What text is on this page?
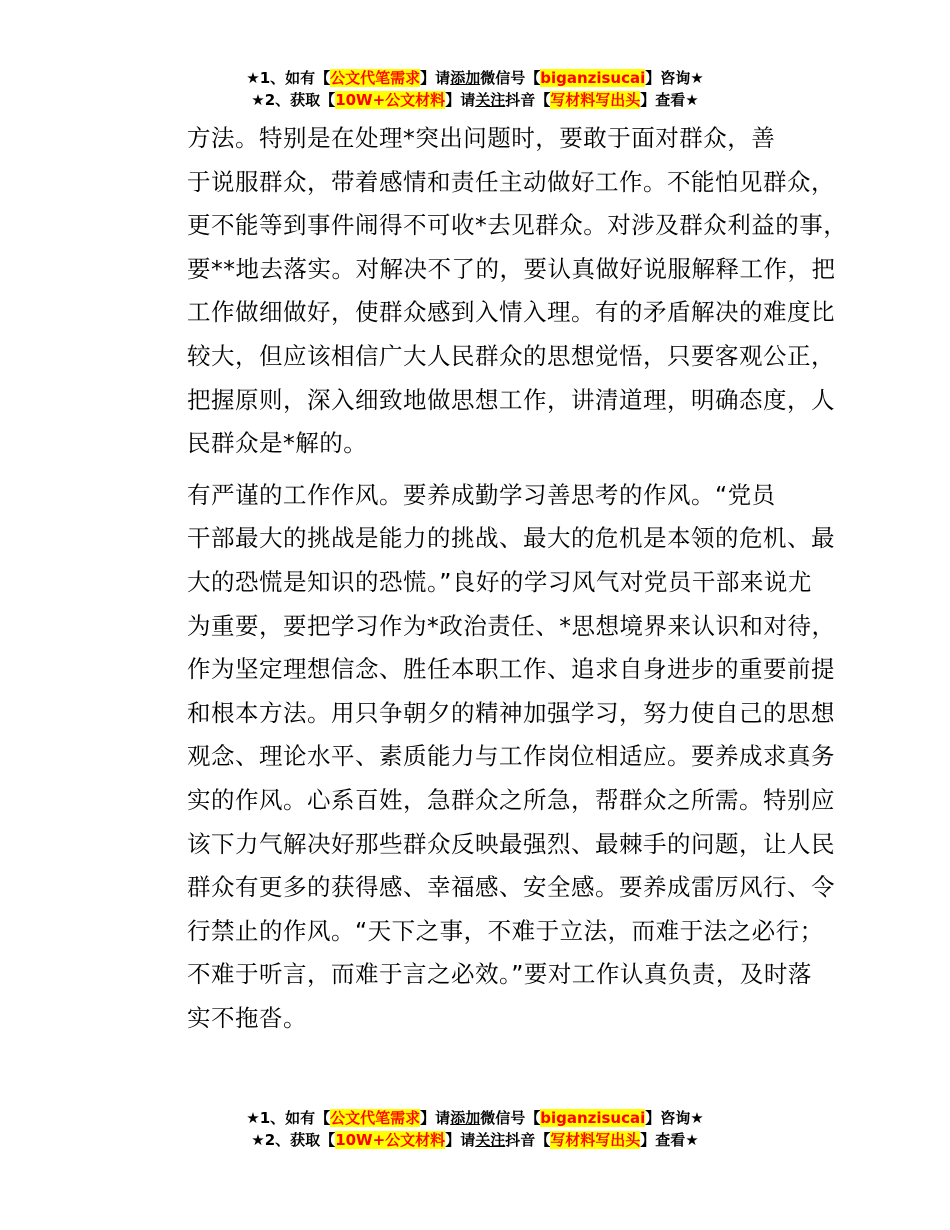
★1、如有【公文代笔需求】请添加微信号【biganzisucai】咨询★
★2、获取【10W+公文材料】请关注抖音【写材料写出头】查看★

方法。特别是在处理*突出问题时，要敢于面对群众，善
于说服群众，带着感情和责任主动做好工作。不能怕见群众，
更不能等到事件闹得不可收*去见群众。对涉及群众利益的事，
要**地去落实。对解决不了的，要认真做好说服解释工作，把
工作做细做好，使群众感到入情入理。有的矛盾解决的难度比
较大，但应该相信广大人民群众的思想觉悟，只要客观公正，
把握原则，深入细致地做思想工作，讲清道理，明确态度，人
民群众是*解的。

有严谨的工作作风。要养成勤学习善思考的作风。“党员
干部最大的挑战是能力的挑战、最大的危机是本领的危机、最
大的恐慌是知识的恐慌。”良好的学习风气对党员干部来说尤
为重要，要把学习作为*政治责任、*思想境界来认识和对待，
作为坚定理想信念、胜任本职工作、追求自身进步的重要前提
和根本方法。用只争朝夕的精神加强学习，努力使自己的思想
观念、理论水平、素质能力与工作岗位相适应。要养成求真务
实的作风。心系百姓，急群众之所急，帮群众之所需。特别应
该下力气解决好那些群众反映最强烈、最棘手的问题，让人民
群众有更多的获得感、幸福感、安全感。要养成雷厉风行、令
行禁止的作风。“天下之事，不难于立法，而难于法之必行；
不难于听言，而难于言之必效。”要对工作认真负责，及时落
实不拖沓。

★1、如有【公文代笔需求】请添加微信号【biganzisucai】咨询★
★2、获取【10W+公文材料】请关注抖音【写材料写出头】查看★
